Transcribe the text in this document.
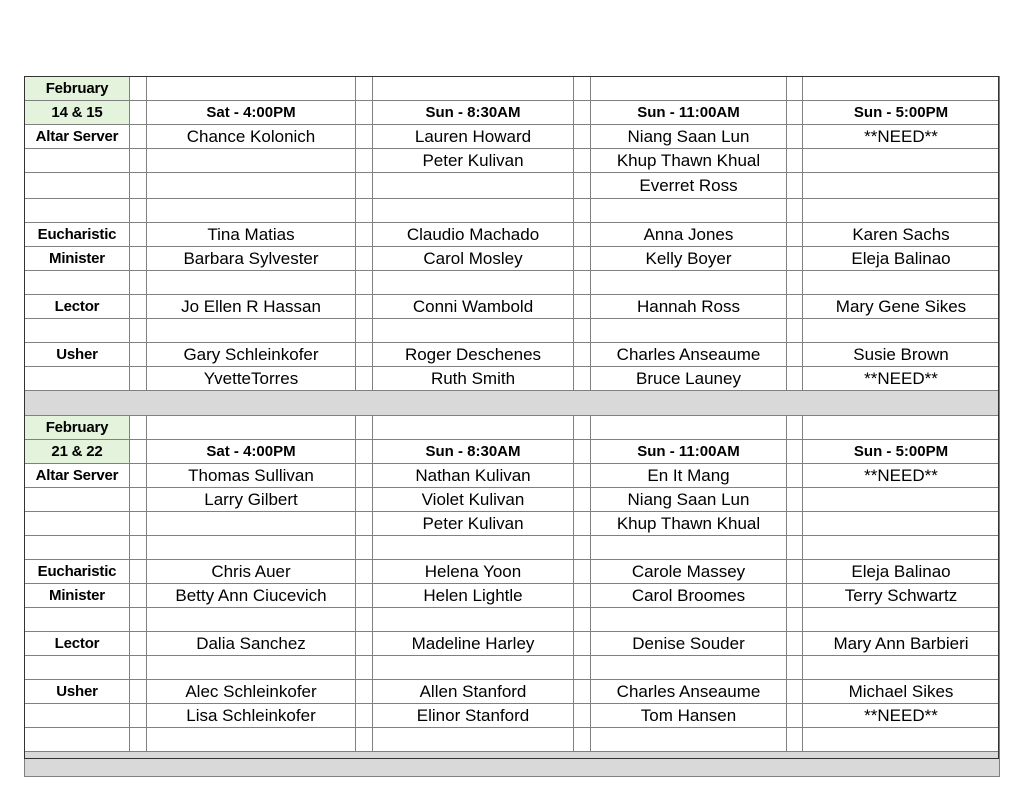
February								
14 & 15		Sat - 4:00PM		Sun - 8:30AM		Sun - 11:00AM		Sun - 5:00PM
Altar Server		Chance Kolonich		Lauren Howard		Niang Saan Lun		**NEED**
				Peter Kulivan		Khup Thawn Khual		
						Everret Ross		

Eucharistic		Tina Matias		Claudio Machado		Anna Jones		Karen Sachs
Minister		Barbara Sylvester		Carol Mosley		Kelly Boyer		Eleja Balinao

Lector		Jo Ellen R Hassan		Conni Wambold		Hannah Ross		Mary Gene Sikes

Usher		Gary Schleinkofer		Roger Deschenes		Charles Anseaume		Susie Brown
		YvetteTorres		Ruth Smith		Bruce Launey		**NEED**

February								
21 & 22		Sat - 4:00PM		Sun - 8:30AM		Sun - 11:00AM		Sun - 5:00PM
Altar Server		Thomas Sullivan		Nathan Kulivan		En It Mang		**NEED**
		Larry Gilbert		Violet Kulivan		Niang Saan Lun		
				Peter Kulivan		Khup Thawn Khual		

Eucharistic		Chris Auer		Helena Yoon		Carole Massey		Eleja Balinao
Minister		Betty Ann Ciucevich		Helen Lightle		Carol Broomes		Terry Schwartz

Lector		Dalia Sanchez		Madeline Harley		Denise Souder		Mary Ann Barbieri

Usher		Alec Schleinkofer		Allen Stanford		Charles Anseaume		Michael Sikes
		Lisa Schleinkofer		Elinor Stanford		Tom Hansen		**NEED**
